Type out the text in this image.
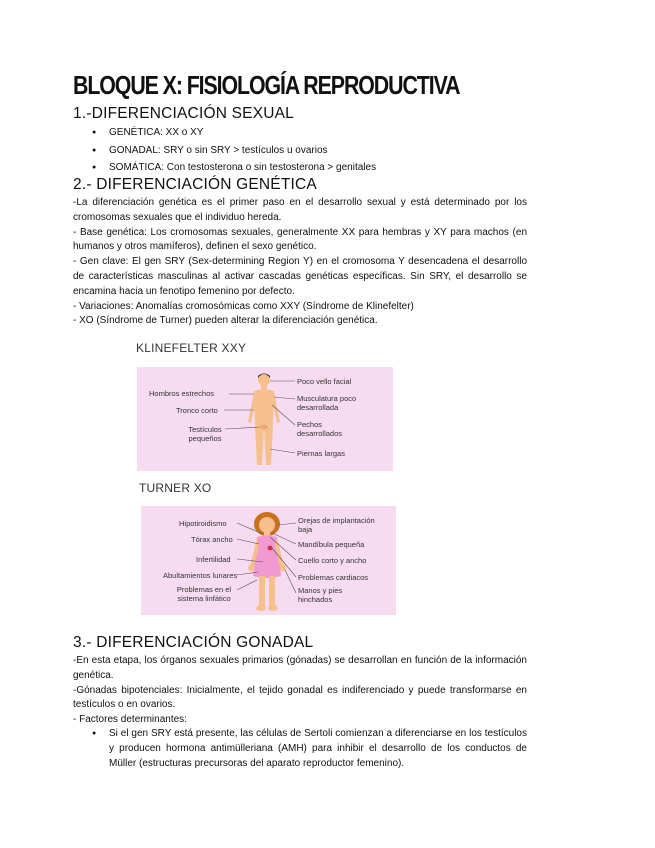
BLOQUE X: FISIOLOGÍA REPRODUCTIVA
1.-DIFERENCIACIÓN SEXUAL
● GENÉTICA: XX o XY
● GONADAL: SRY o sin SRY > testículos u ovarios
● SOMÁTICA: Con testosterona o sin testosterona > genitales
2.- DIFERENCIACIÓN GENÉTICA

-La diferenciación genética es el primer paso en el desarrollo sexual y está determinado por los cromosomas sexuales que el individuo hereda.

- Base genética: Los cromosomas sexuales, generalmente XX para hembras y XY para machos (en humanos y otros mamíferos), definen el sexo genético.

- Gen clave: El gen SRY (Sex-determining Region Y) en el cromosoma Y desencadena el desarrollo de características masculinas al activar cascadas genéticas específicas. Sin SRY, el desarrollo se encamina hacia un fenotipo femenino por defecto.

- Variaciones: Anomalías cromosómicas como XXY (Síndrome de Klinefelter)

- XO (Síndrome de Turner) pueden alterar la diferenciación genética.

KLINEFELTER XXY
Hombros estrechos
Tronco corto
Testículos pequeños
Poco vello facial
Musculatura poco desarrollada
Pechos desarrollados
Piernas largas
TURNER XO
Hipotiroidismo
Tórax ancho
Infertilidad
Abultamientos lunares
Problemas en el sistema linfático
Orejas de implantación baja
Mandíbula pequeña
Cuello corto y ancho
Problemas cardiacos
Manos y pies hinchados
3.- DIFERENCIACIÓN GONADAL

-En esta etapa, los órganos sexuales primarios (gónadas) se desarrollan en función de la información genética.

-Gónadas bipotenciales: Inicialmente, el tejido gonadal es indiferenciado y puede transformarse en testículos o en ovarios.

- Factores determinantes:

● Si el gen SRY está presente, las células de Sertoli comienzan a diferenciarse en los testículos y producen hormona antimülleriana (AMH) para inhibir el desarrollo de los conductos de Müller (estructuras precursoras del aparato reproductor femenino).
